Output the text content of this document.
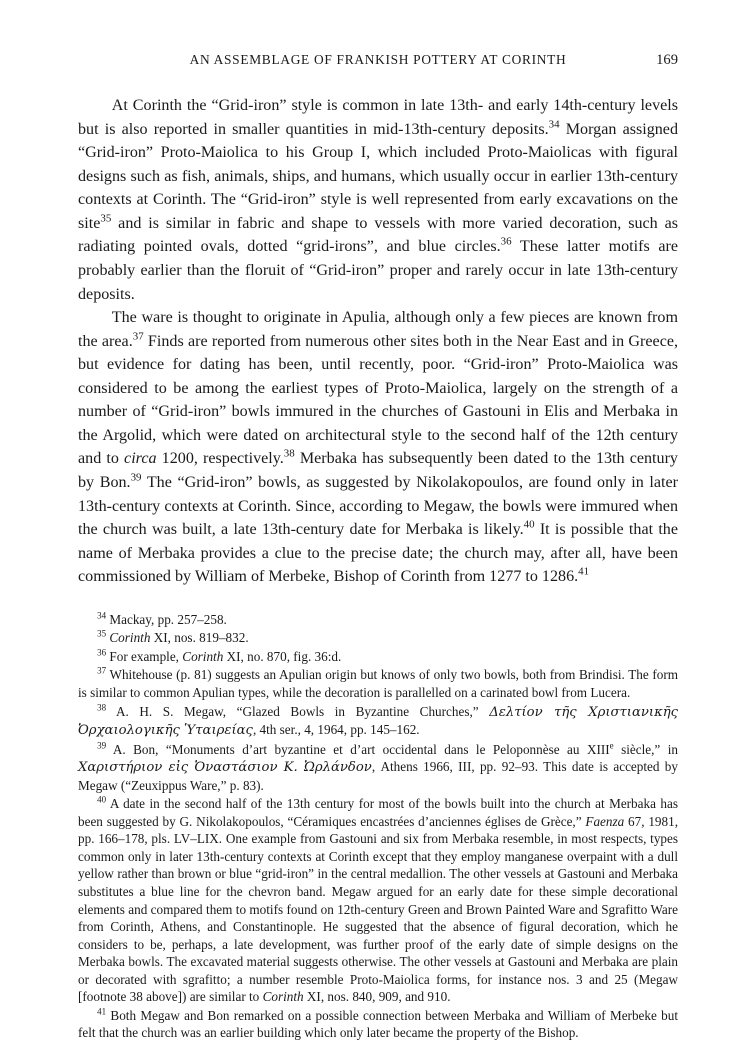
AN ASSEMBLAGE OF FRANKISH POTTERY AT CORINTH	169

At Corinth the “Grid-iron” style is common in late 13th- and early 14th-century levels but is also reported in smaller quantities in mid-13th-century deposits.$^{34}$ Morgan assigned “Grid-iron” Proto-Maiolica to his Group I, which included Proto-Maiolicas with figural designs such as fish, animals, ships, and humans, which usually occur in earlier 13th-century contexts at Corinth. The “Grid-iron” style is well represented from early excavations on the site$^{35}$ and is similar in fabric and shape to vessels with more varied decoration, such as radiating pointed ovals, dotted “grid-irons”, and blue circles.$^{36}$ These latter motifs are probably earlier than the floruit of “Grid-iron” proper and rarely occur in late 13th-century deposits.

The ware is thought to originate in Apulia, although only a few pieces are known from the area.$^{37}$ Finds are reported from numerous other sites both in the Near East and in Greece, but evidence for dating has been, until recently, poor. “Grid-iron” Proto-Maiolica was considered to be among the earliest types of Proto-Maiolica, largely on the strength of a number of “Grid-iron” bowls immured in the churches of Gastouni in Elis and Merbaka in the Argolid, which were dated on architectural style to the second half of the 12th century and to circa 1200, respectively.$^{38}$ Merbaka has subsequently been dated to the 13th century by Bon.$^{39}$ The “Grid-iron” bowls, as suggested by Nikolakopoulos, are found only in later 13th-century contexts at Corinth. Since, according to Megaw, the bowls were immured when the church was built, a late 13th-century date for Merbaka is likely.$^{40}$ It is possible that the name of Merbaka provides a clue to the precise date; the church may, after all, have been commissioned by William of Merbeke, Bishop of Corinth from 1277 to 1286.41

$^{34}$ Mackay, pp. 257–258.

$^{35}$ Corinth XI, nos. 819–832.

$^{36}$ For example, Corinth XI, no. 870, fig. 36:d.

$^{37}$ Whitehouse (p. 81) suggests an Apulian origin but knows of only two bowls, both from Brindisi. The form is similar to common Apulian types, while the decoration is parallelled on a carinated bowl from Lucera.

$^{38}$ A. H. S. Megaw, “Glazed Bowls in Byzantine Churches,” Δελτίον τῆς Χριστιανικῆς Ὀρχαιολογικῆς Ὑταιρείας, 4th ser., 4, 1964, pp. 145–162.

$^{39}$ A. Bon, “Monuments d’art byzantine et d’art occidental dans le Peloponnèse au XIIIe siècle,” in Χαριστήριον εἰς Ὀναστάσιον Κ. Ὠρλάνδον, Athens 1966, III, pp. 92–93. This date is accepted by Megaw (“Zeuxippus Ware,” p. 83).

$^{40}$ A date in the second half of the 13th century for most of the bowls built into the church at Merbaka has been suggested by G. Nikolakopoulos, “Céramiques encastrées d’anciennes églises de Grèce,” Faenza 67, 1981, pp. 166–178, pls. LV–LIX. One example from Gastouni and six from Merbaka resemble, in most respects, types common only in later 13th-century contexts at Corinth except that they employ manganese overpaint with a dull yellow rather than brown or blue “grid-iron” in the central medallion. The other vessels at Gastouni and Merbaka substitutes a blue line for the chevron band. Megaw argued for an early date for these simple decorational elements and compared them to motifs found on 12th-century Green and Brown Painted Ware and Sgrafitto Ware from Corinth, Athens, and Constantinople. He suggested that the absence of figural decoration, which he considers to be, perhaps, a late development, was further proof of the early date of simple designs on the Merbaka bowls. The excavated material suggests otherwise. The other vessels at Gastouni and Merbaka are plain or decorated with sgrafitto; a number resemble Proto-Maiolica forms, for instance nos. 3 and 25 (Megaw [footnote 38 above]) are similar to Corinth XI, nos. 840, 909, and 910.

$^{41}$ Both Megaw and Bon remarked on a possible connection between Merbaka and William of Merbeke but felt that the church was an earlier building which only later became the property of the Bishop.
